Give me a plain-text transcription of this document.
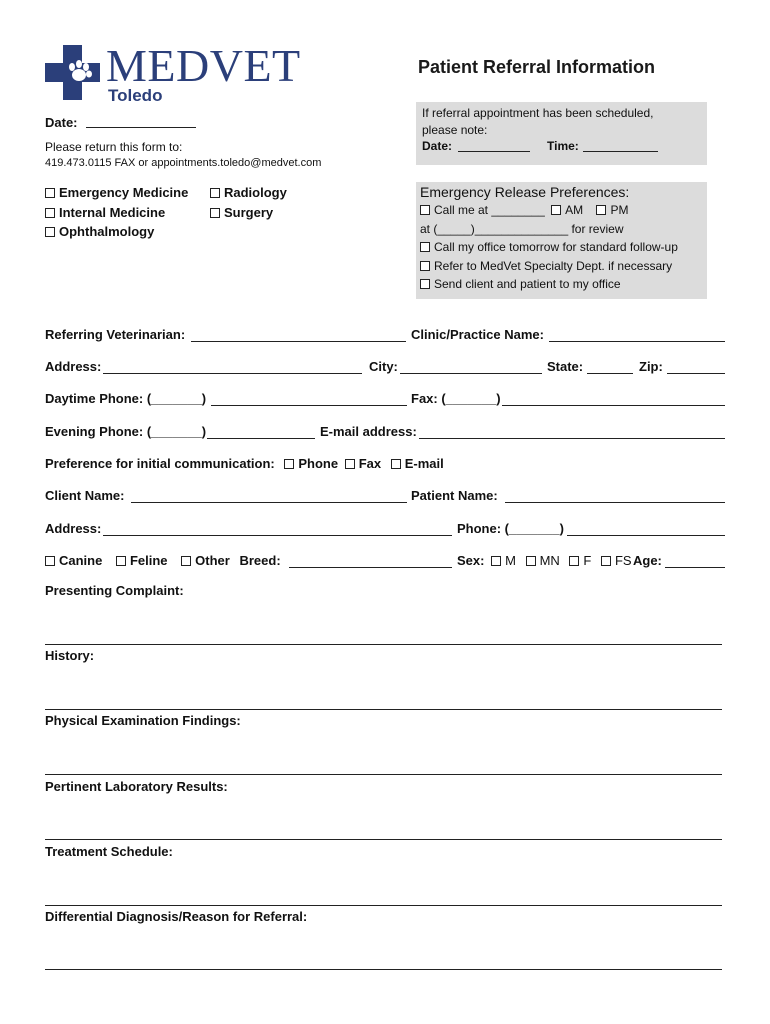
MEDVET
Toledo
Patient Referral Information
Date:
Please return this form to:
419.473.0115 FAX or appointments.toledo@medvet.com
Emergency Medicine
Internal Medicine
Ophthalmology
Radiology
Surgery
If referral appointment has been scheduled,
please note:
Date:	Time:
Emergency Release Preferences:
Call me at ________ AM PM
at (_____)______________ for review
Call my office tomorrow for standard follow-up
Refer to MedVet Specialty Dept. if necessary
Send client and patient to my office
Referring Veterinarian:	Clinic/Practice Name:
Address:	City:	State:	Zip:
Daytime Phone: (_______)	Fax: (_______)
Evening Phone: (_______)	E-mail address:
Preference for initial communication: Phone Fax E-mail
Client Name:	Patient Name:
Address:	Phone: (_______)
Canine Feline Other Breed:	Sex: M MN F FS Age:
Presenting Complaint:
History:
Physical Examination Findings:
Pertinent Laboratory Results:
Treatment Schedule:
Differential Diagnosis/Reason for Referral:
